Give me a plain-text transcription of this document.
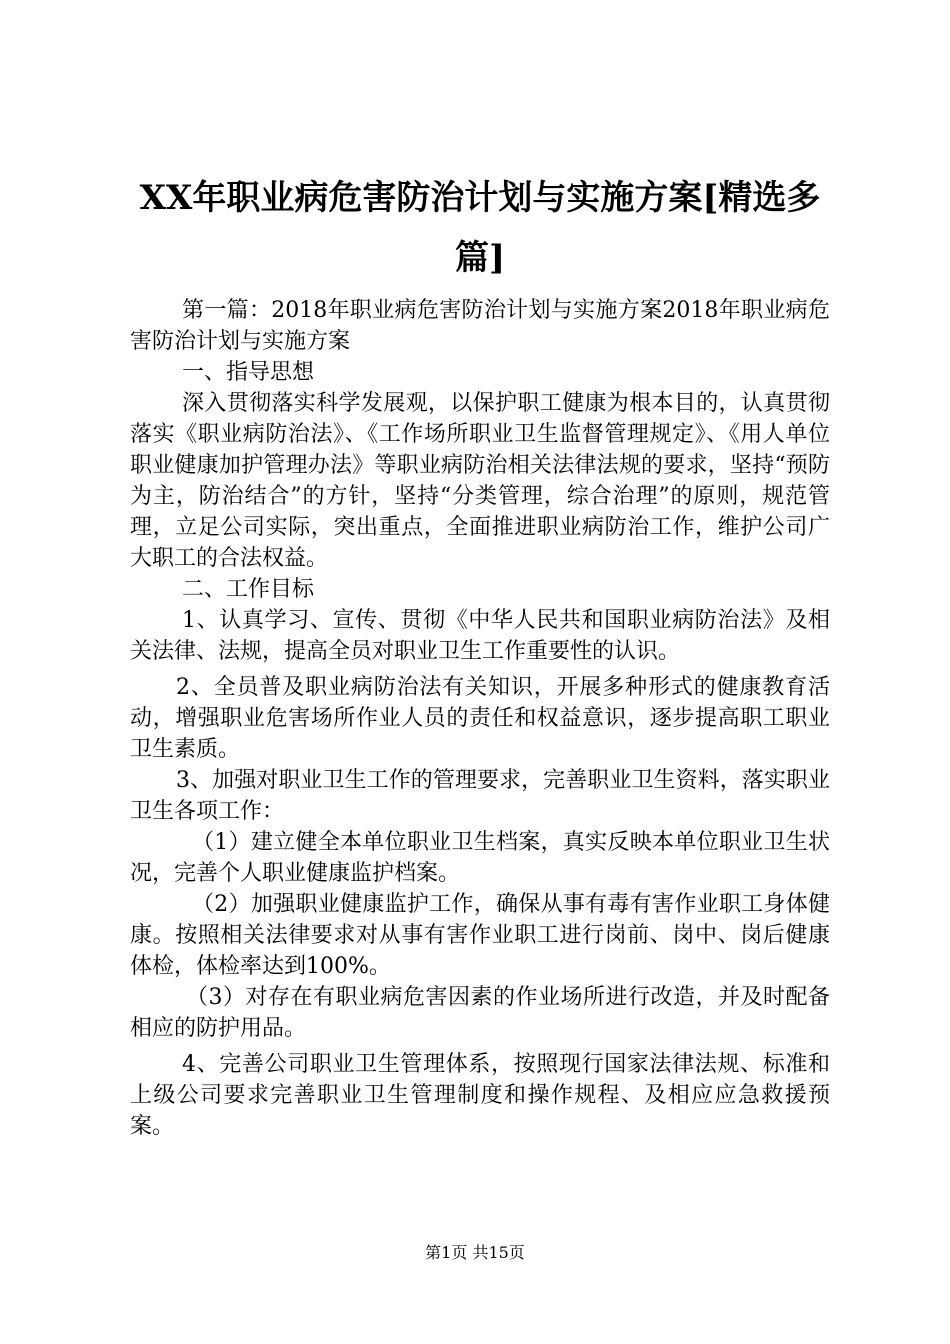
XX年职业病危害防治计划与实施方案[精选多篇]

第一篇：2018年职业病危害防治计划与实施方案2018年职业病危害防治计划与实施方案

一、指导思想

深入贯彻落实科学发展观，以保护职工健康为根本目的，认真贯彻落实《职业病防治法》、《工作场所职业卫生监督管理规定》、《用人单位职业健康加护管理办法》等职业病防治相关法律法规的要求，坚持“预防为主，防治结合”的方针，坚持“分类管理，综合治理”的原则，规范管理，立足公司实际，突出重点，全面推进职业病防治工作，维护公司广大职工的合法权益。

二、工作目标

1、认真学习、宣传、贯彻《中华人民共和国职业病防治法》及相关法律、法规，提高全员对职业卫生工作重要性的认识。

2、全员普及职业病防治法有关知识，开展多种形式的健康教育活动，增强职业危害场所作业人员的责任和权益意识，逐步提高职工职业卫生素质。

3、加强对职业卫生工作的管理要求，完善职业卫生资料，落实职业卫生各项工作：

（1）建立健全本单位职业卫生档案，真实反映本单位职业卫生状况，完善个人职业健康监护档案。

（2）加强职业健康监护工作，确保从事有毒有害作业职工身体健康。按照相关法律要求对从事有害作业职工进行岗前、岗中、岗后健康体检，体检率达到100%。

（3）对存在有职业病危害因素的作业场所进行改造，并及时配备相应的防护用品。

4、完善公司职业卫生管理体系，按照现行国家法律法规、标准和上级公司要求完善职业卫生管理制度和操作规程、及相应应急救援预案。

第1页 共15页
